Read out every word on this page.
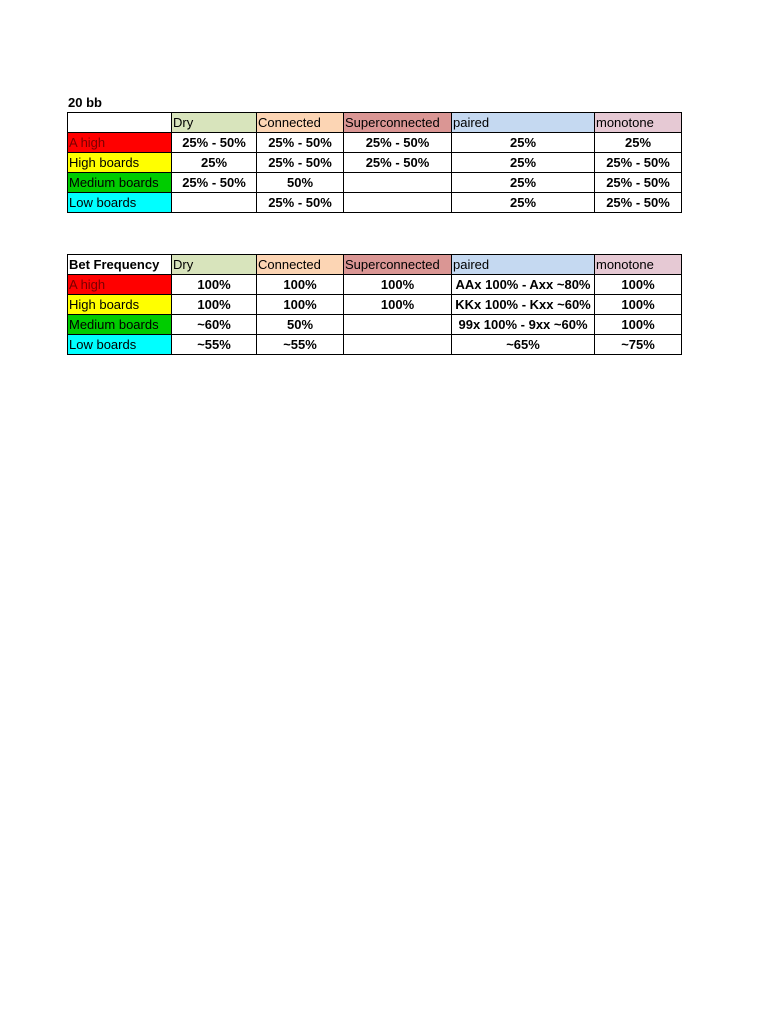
20 bb
	Dry	Connected	Superconnected	paired	monotone
A high	25% - 50%	25% - 50%	25% - 50%	25%	25%
High boards	25%	25% - 50%	25% - 50%	25%	25% - 50%
Medium boards	25% - 50%	50%		25%	25% - 50%
Low boards		25% - 50%		25%	25% - 50%
Bet Frequency	Dry	Connected	Superconnected	paired	monotone
A high	100%	100%	100%	AAx 100% - Axx ~80%	100%
High boards	100%	100%	100%	KKx 100% - Kxx ~60%	100%
Medium boards	~60%	50%		99x 100% - 9xx ~60%	100%
Low boards	~55%	~55%		~65%	~75%
